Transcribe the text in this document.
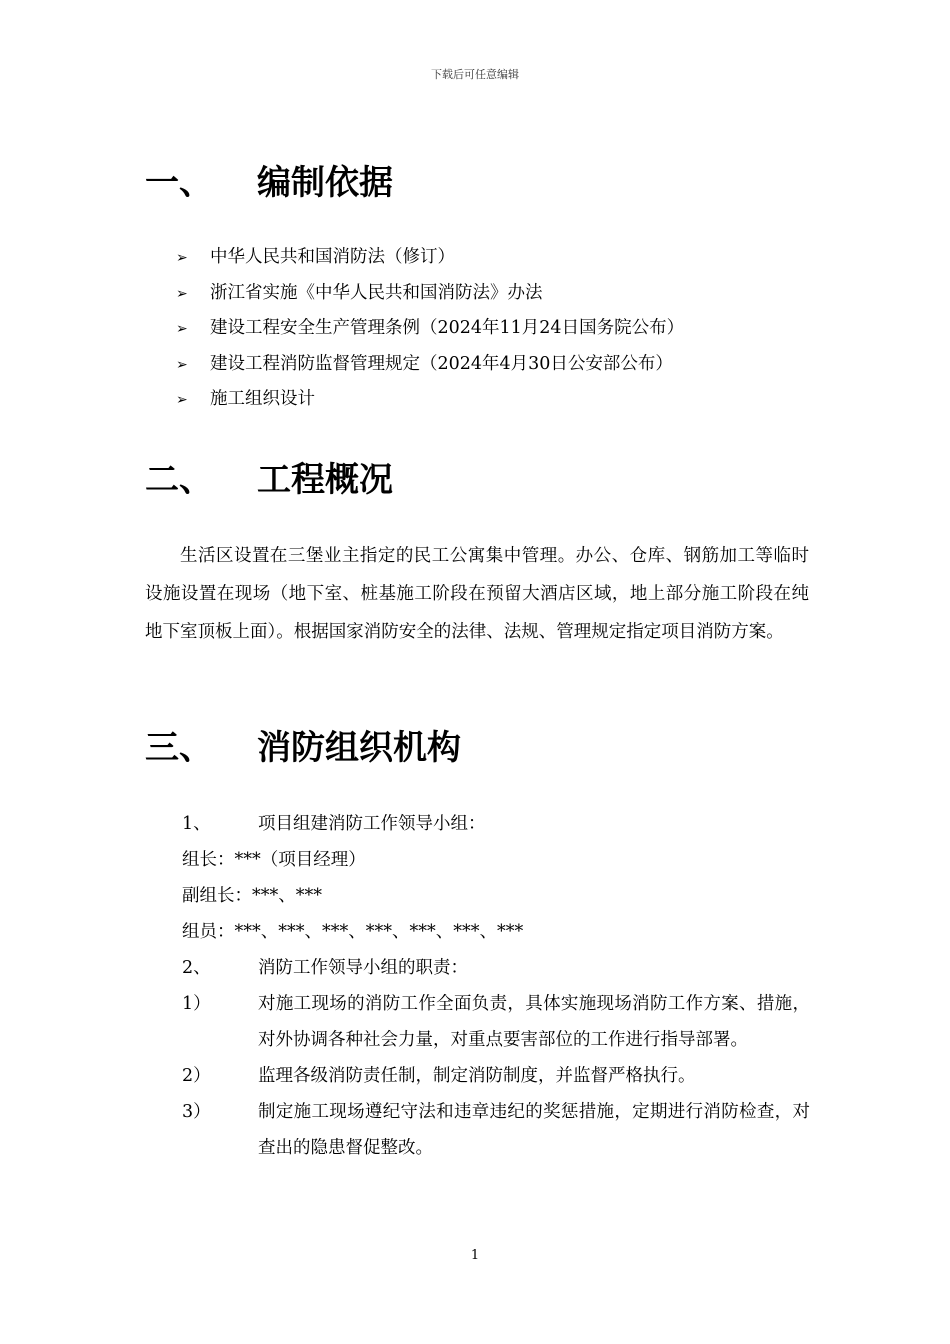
下载后可任意编辑
一、 编制依据
➢ 中华人民共和国消防法（修订）
➢ 浙江省实施《中华人民共和国消防法》办法
➢ 建设工程安全生产管理条例（2024年11月24日国务院公布）
➢ 建设工程消防监督管理规定（2024年4月30日公安部公布）
➢ 施工组织设计
二、 工程概况
生活区设置在三堡业主指定的民工公寓集中管理。办公、仓库、钢筋加工等临时设施设置在现场（地下室、桩基施工阶段在预留大酒店区域，地上部分施工阶段在纯地下室顶板上面）。根据国家消防安全的法律、法规、管理规定指定项目消防方案。
三、 消防组织机构
1、	项目组建消防工作领导小组：
组长：***（项目经理）
副组长：***、***
组员：***、***、***、***、***、***、***
2、	消防工作领导小组的职责：
1）	对施工现场的消防工作全面负责，具体实施现场消防工作方案、措施，对外协调各种社会力量，对重点要害部位的工作进行指导部署。
2）	监理各级消防责任制，制定消防制度，并监督严格执行。
3）	制定施工现场遵纪守法和违章违纪的奖惩措施，定期进行消防检查，对查出的隐患督促整改。
1
